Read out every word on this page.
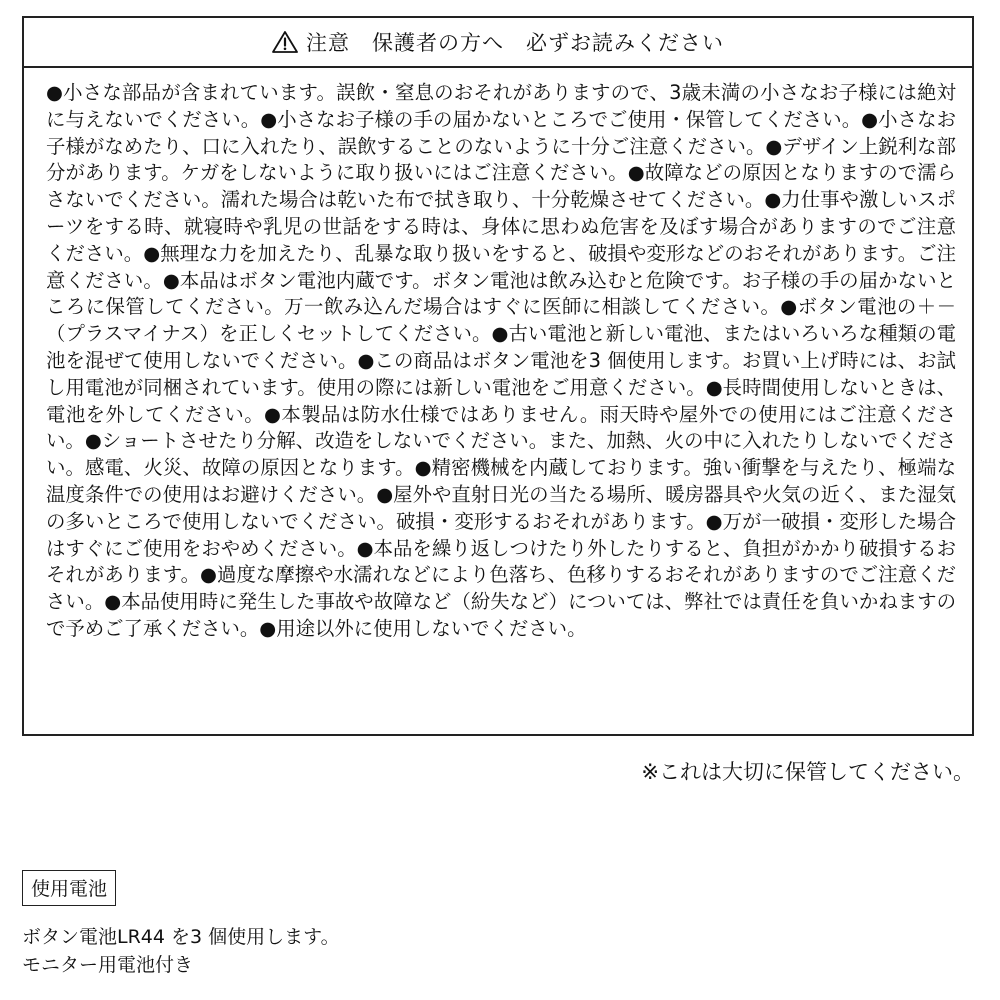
注意　保護者の方へ　必ずお読みください
●小さな部品が含まれています。誤飲・窒息のおそれがありますので、3歳未満の小さなお子様には絶対に与えないでください。●小さなお子様の手の届かないところでご使用・保管してください。●小さなお子様がなめたり、口に入れたり、誤飲することのないように十分ご注意ください。●デザイン上鋭利な部分があります。ケガをしないように取り扱いにはご注意ください。●故障などの原因となりますので濡らさないでください。濡れた場合は乾いた布で拭き取り、十分乾燥させてください。●力仕事や激しいスポーツをする時、就寝時や乳児の世話をする時は、身体に思わぬ危害を及ぼす場合がありますのでご注意ください。●無理な力を加えたり、乱暴な取り扱いをすると、破損や変形などのおそれがあります。ご注意ください。●本品はボタン電池内蔵です。ボタン電池は飲み込むと危険です。お子様の手の届かないところに保管してください。万一飲み込んだ場合はすぐに医師に相談してください。●ボタン電池の＋－（プラスマイナス）を正しくセットしてください。●古い電池と新しい電池、またはいろいろな種類の電池を混ぜて使用しないでください。●この商品はボタン電池を3 個使用します。お買い上げ時には、お試し用電池が同梱されています。使用の際には新しい電池をご用意ください。●長時間使用しないときは、電池を外してください。●本製品は防水仕様ではありません。雨天時や屋外での使用にはご注意ください。●ショートさせたり分解、改造をしないでください。また、加熱、火の中に入れたりしないでください。感電、火災、故障の原因となります。●精密機械を内蔵しております。強い衝撃を与えたり、極端な温度条件での使用はお避けください。●屋外や直射日光の当たる場所、暖房器具や火気の近く、また湿気の多いところで使用しないでください。破損・変形するおそれがあります。●万が一破損・変形した場合はすぐにご使用をおやめください。●本品を繰り返しつけたり外したりすると、負担がかかり破損するおそれがあります。●過度な摩擦や水濡れなどにより色落ち、色移りするおそれがありますのでご注意ください。●本品使用時に発生した事故や故障など（紛失など）については、弊社では責任を負いかねますので予めご了承ください。●用途以外に使用しないでください。
※これは大切に保管してください。
使用電池
ボタン電池LR44 を3 個使用します。
モニター用電池付き
